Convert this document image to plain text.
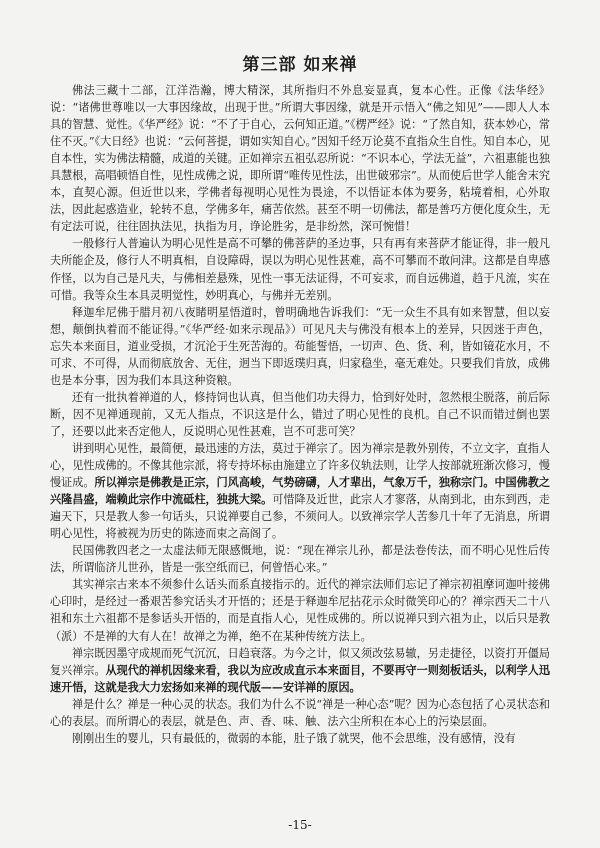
第三部 如来禅

佛法三藏十二部，江洋浩瀚，博大精深，其所指归不外息妄显真，复本心性。正像《法华经》说：“诸佛世尊唯以一大事因缘故，出现于世。”所谓大事因缘，就是开示悟入“佛之知见”——即人人本具的智慧、觉性。《华严经》说：“不了于自心，云何知正道。”《楞严经》说：“了然自知，获本妙心，常住不灭。”《大日经》也说：“云何菩提，谓如实知自心。”因知千经万论莫不直指众生自性。知自本心，见自本性，实为佛法精髓，成道的关键。正如禅宗五祖弘忍所说：“不识本心，学法无益”，六祖惠能也独具慧根，高唱顿悟自性，见性成佛之说，即所谓“唯传见性法，出世破邪宗”。从而使后世学人能舍末究本，直契心源。但近世以来，学佛者每视明心见性为畏途，不以悟证本体为要务，粘境着相，心外取法，因此起惑造业，轮转不息，学佛多年，痛苦依然。甚至不明一切佛法，都是善巧方便化度众生，无有定法可说，往往固执法见，执指为月，诤论胜劣，是非纷然，深可惋惜！

一般修行人普遍认为明心见性是高不可攀的佛菩萨的圣边事，只有再有来菩萨才能证得，非一般凡夫所能企及，修行人不明真相，自设障碍，误以为明心见性甚难，高不可攀而不敢问津。这都是自卑感作怪，以为自己是凡夫，与佛相差悬殊，见性一事无法证得，不可妄求，而自远佛道，趋于凡流，实在可惜。我等众生本具灵明觉性，妙明真心，与佛并无差别。

释迦牟尼佛于腊月初八夜睹明星悟道时，曾明确地告诉我们：“无一众生不具有如来智慧，但以妄想，颠倒执着而不能证得。”《华严经·如来示现品》）可见凡夫与佛没有根本上的差异，只因迷于声色，忘失本来面目，道业受损，才沉沦于生死苦海的。苟能誓悟，一切声、色、货、利，皆如镜花水月，不可求、不可得，从而彻底放舍、无住，迥当下即返璞归真，归家稳坐，毫无难处。只要我们肯放，成佛也是本分事，因为我们本具这种资粮。

还有一批执着禅道的人，修持饲也认真，但当他们功夫得力，恰到好处时，忽然根尘脱落，前后际断，因不见禅通现前，又无人指点，不识这是什么，错过了明心见性的良机。自己不识而错过倒也罢了，还要以此来否定他人，反说明心见性甚难，岂不可悲可笑？

讲到明心见性，最简便，最迅速的方法，莫过于禅宗了。因为禅宗是教外别传，不立文字，直指人心，见性成佛的。不像其他宗派，将专持坏标由施建立了许多仪轨法则，让学人按部就班渐次修习，慢慢证成。所以禅宗是佛教是正宗，门风高峻，气势磅礴，人才辈出，气象万千，独称宗门。中国佛教之兴隆昌盛，端赖此宗作中流砥柱，独挑大梁。可惜降及近世，此宗人才寥落，从南到北，由东到西，走遍天下，只是教人参一句话头，只说禅要自己参，不须问人。以致禅宗学人苦参几十年了无消息，所谓明心见性，将被视为历史的陈迹而束之高阁了。

民国佛教四老之一太虚法师无限感慨地，说：“现在禅宗儿孙，都是法卷传法，而不明心见性后传法，所谓临济儿世孙，皆是一张空纸而已，何曾悟心来。”

其实禅宗古来本不须参什么话头而系直接指示的。近代的禅宗法师们忘记了禅宗初祖摩诃迦叶接佛心印时，是经过一番艰苦参究话头才开悟的；还是于释迦牟尼拈花示众时微笑印心的？禅宗西天二十八祖和东土六祖都不是参话头开悟的，而是直指人心，见性成佛的。所以说禅只到六祖为止，以后只是教（派）不是禅的大有人在！故禅之为禅，绝不在某种传统方法上。

禅宗既因墨守成规而死气沉沉，日趋衰落。为今之计，似又须改弦易辙，另走捷径，以资打开僵局复兴禅宗。从现代的禅机因缘来看，我以为应改成直示本来面目，不要再守一则刻板话头，以利学人迅速开悟，这就是我大力宏扬如来禅的现代版——安详禅的原因。

禅是什么？禅是一种心灵的状态。我们为什么不说“禅是一种心态”呢？因为心态包括了心灵状态和心的表层。而所谓心的表层，就是色、声、香、味、触、法六尘所积在本心上的污染层面。

刚刚出生的婴儿，只有最低的，微弱的本能，肚子饿了就哭，他不会思维，没有感情，没有

-15-
